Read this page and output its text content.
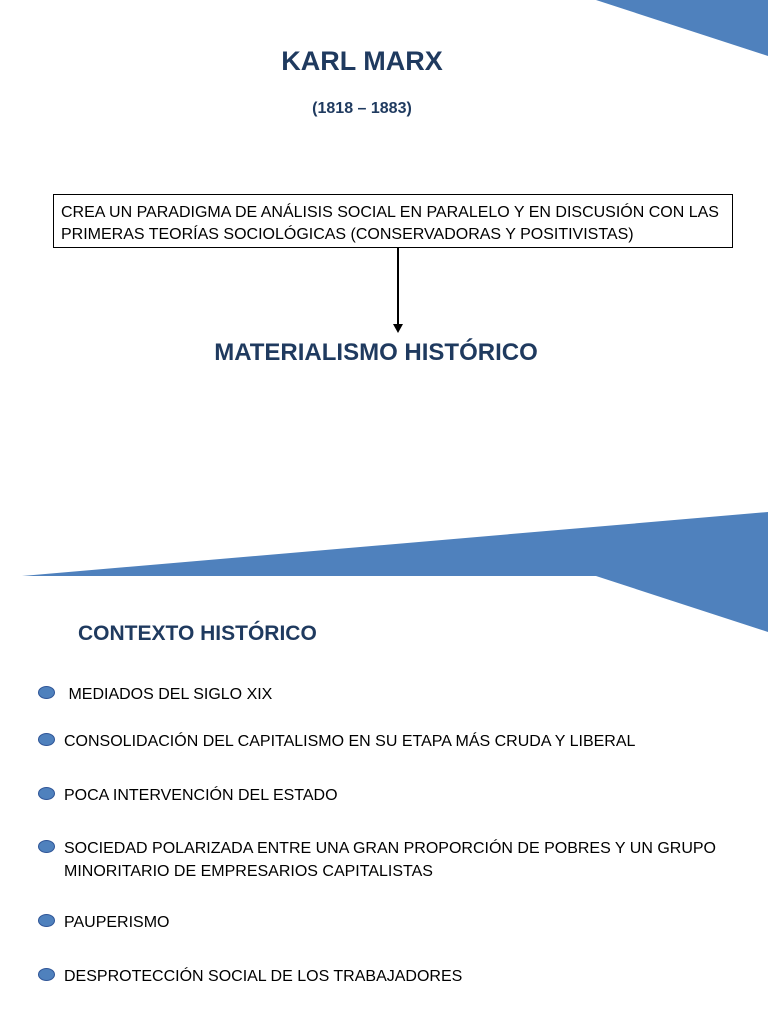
KARL MARX
(1818 – 1883)
CREA UN PARADIGMA DE ANÁLISIS SOCIAL EN PARALELO Y EN DISCUSIÓN CON LAS PRIMERAS TEORÍAS SOCIOLÓGICAS (CONSERVADORAS Y POSITIVISTAS)
MATERIALISMO HISTÓRICO
CONTEXTO HISTÓRICO
MEDIADOS DEL SIGLO XIX
CONSOLIDACIÓN DEL CAPITALISMO EN SU ETAPA MÁS CRUDA Y LIBERAL
POCA INTERVENCIÓN DEL ESTADO
SOCIEDAD POLARIZADA ENTRE UNA GRAN PROPORCIÓN DE POBRES Y UN GRUPO MINORITARIO DE EMPRESARIOS CAPITALISTAS
PAUPERISMO
DESPROTECCIÓN SOCIAL DE LOS TRABAJADORES
